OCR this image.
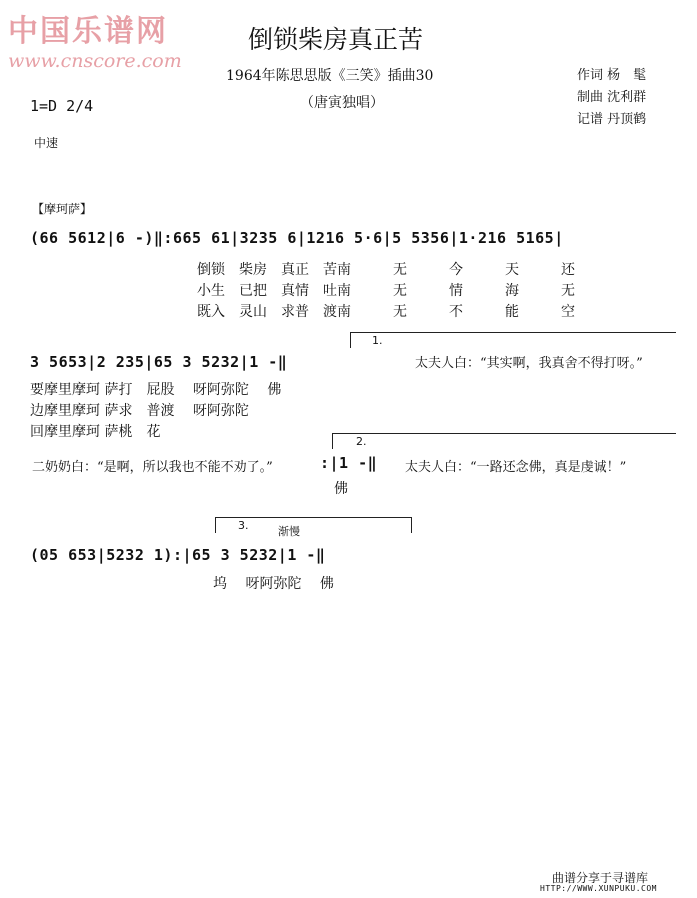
中国乐谱网
www.cnscore.com
倒锁柴房真正苦
1964年陈思思版《三笑》插曲30
（唐寅独唱）
作词 杨　髦
制曲 沈利群
记谱 丹顶鹤
1=D 2/4
中速
【摩珂萨】
(66 5612|6 -)‖:665 61|3235 6|1216 5·6|5 5356|1·216 5165|
倒锁　柴房　真正　苦南　　　无　　　今　　　天　　　还
小生　已把　真情　吐南　　　无　　　情　　　海　　　无
既入　灵山　求普　渡南　　　无　　　不　　　能　　　空
1.
3 5653|2 235|65 3 5232|1 -‖	太夫人白：“其实啊，我真舍不得打呀。”
要摩里摩珂 萨打　屁股　 呀阿弥陀　 佛
边摩里摩珂 萨求　普渡　 呀阿弥陀
回摩里摩珂 萨桃　花
2.
二奶奶白：“是啊，所以我也不能不劝了。”	:|1 -‖ 太夫人白：“一路还念佛，真是虔诚！”
佛
3.	渐慢
(05 653|5232 1):|65 3 5232|1 -‖
坞　 呀阿弥陀　 佛
曲谱分享于寻谱库
HTTP://WWW.XUNPUKU.COM
